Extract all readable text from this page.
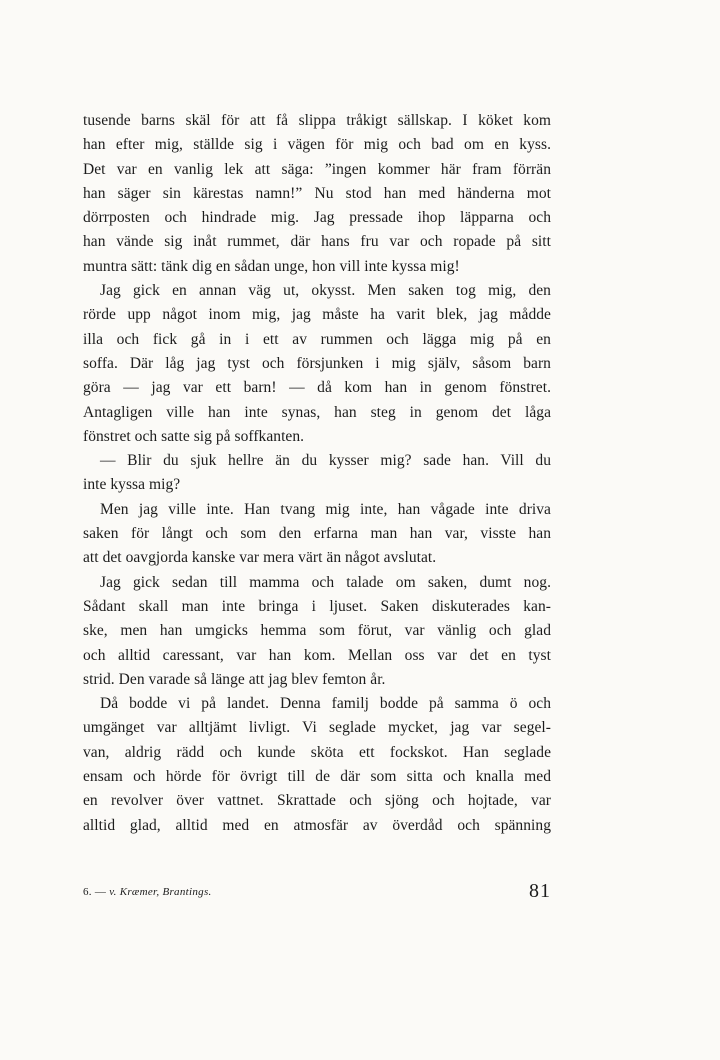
tusende barns skäl för att få slippa tråkigt sällskap. I köket kom
han efter mig, ställde sig i vägen för mig och bad om en kyss.
Det var en vanlig lek att säga: ”ingen kommer här fram förrän
han säger sin kärestas namn!” Nu stod han med händerna mot
dörrposten och hindrade mig. Jag pressade ihop läpparna och
han vände sig inåt rummet, där hans fru var och ropade på sitt
muntra sätt: tänk dig en sådan unge, hon vill inte kyssa mig!
Jag gick en annan väg ut, okysst. Men saken tog mig, den
rörde upp något inom mig, jag måste ha varit blek, jag mådde
illa och fick gå in i ett av rummen och lägga mig på en
soffa. Där låg jag tyst och försjunken i mig själv, såsom barn
göra — jag var ett barn! — då kom han in genom fönstret.
Antagligen ville han inte synas, han steg in genom det låga
fönstret och satte sig på soffkanten.
— Blir du sjuk hellre än du kysser mig? sade han. Vill du
inte kyssa mig?
Men jag ville inte. Han tvang mig inte, han vågade inte driva
saken för långt och som den erfarna man han var, visste han
att det oavgjorda kanske var mera värt än något avslutat.
Jag gick sedan till mamma och talade om saken, dumt nog.
Sådant skall man inte bringa i ljuset. Saken diskuterades kan-
ske, men han umgicks hemma som förut, var vänlig och glad
och alltid caressant, var han kom. Mellan oss var det en tyst
strid. Den varade så länge att jag blev femton år.
Då bodde vi på landet. Denna familj bodde på samma ö och
umgänget var alltjämt livligt. Vi seglade mycket, jag var segel-
van, aldrig rädd och kunde sköta ett fockskot. Han seglade
ensam och hörde för övrigt till de där som sitta och knalla med
en revolver över vattnet. Skrattade och sjöng och hojtade, var
alltid glad, alltid med en atmosfär av överdåd och spänning
6. — v. Kræmer, Brantings.	81
